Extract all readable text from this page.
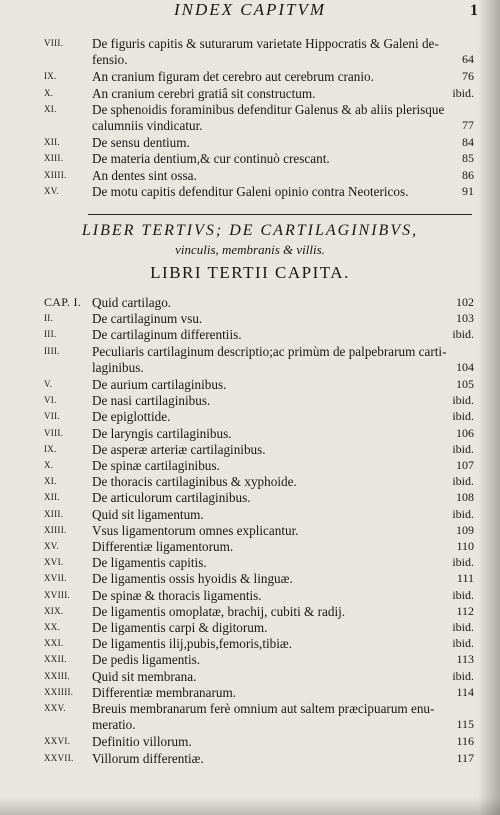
INDEX CAPITVM	1
VIII. De figuris capitis & suturarum varietate Hippocratis & Galeni de-
fensio.	64
IX.	An cranium figuram det cerebro aut cerebrum cranio.	76
X.	An cranium cerebri gratiâ sit constructum.	ibid.
XI.	De sphenoidis foraminibus defenditur Galenus & ab aliis plerisque
calumniis vindicatur.	77
XII. De sensu dentium.	84
XIII. De materia dentium,& cur continuò crescant.	85
XIIII. An dentes sint ossa.	86
XV.	De motu capitis defenditur Galeni opinio contra Neotericos.	91
LIBER TERTIVS; DE CARTILAGINIBVS,
vinculis, membranis & villis.
LIBRI TERTII CAPITA.
CAP. I. Quid cartilago.	102
II.	De cartilaginum vsu.	103
III.	De cartilaginum differentiis.	ibid.
IIII. Peculiaris cartilaginum descriptio;ac primùm de palpebrarum carti-
laginibus.	104
V.	De aurium cartilaginibus.	105
VI.	De nasi cartilaginibus.	ibid.
VII. De epiglottide.	ibid.
VIII. De laryngis cartilaginibus.	106
IX.	De asperæ arteriæ cartilaginibus.	ibid.
X.	De spinæ cartilaginibus.	107
XI.	De thoracis cartilaginibus & xyphoide.	ibid.
XII. De articulorum cartilaginibus.	108
XIII. Quid sit ligamentum.	ibid.
XIIII. Vsus ligamentorum omnes explicantur.	109
XV.	Differentiæ ligamentorum.	110
XVI. De ligamentis capitis.	ibid.
XVII. De ligamentis ossis hyoidis & linguæ.	111
XVIII. De spinæ & thoracis ligamentis.	ibid.
XIX. De ligamentis omoplatæ, brachij, cubiti & radij.	112
XX. De ligamentis carpi & digitorum.	ibid.
XXI. De ligamentis ilij,pubis,femoris,tibiæ.	ibid.
XXII. De pedis ligamentis.	113
XXIII. Quid sit membrana.	ibid.
XXIIII. Differentiæ membranarum.	114
XXV. Breuis membranarum ferè omnium aut saltem præcipuarum enu-
meratio.	115
XXVI. Definitio villorum.	116
XXVII. Villorum differentiæ.	117
